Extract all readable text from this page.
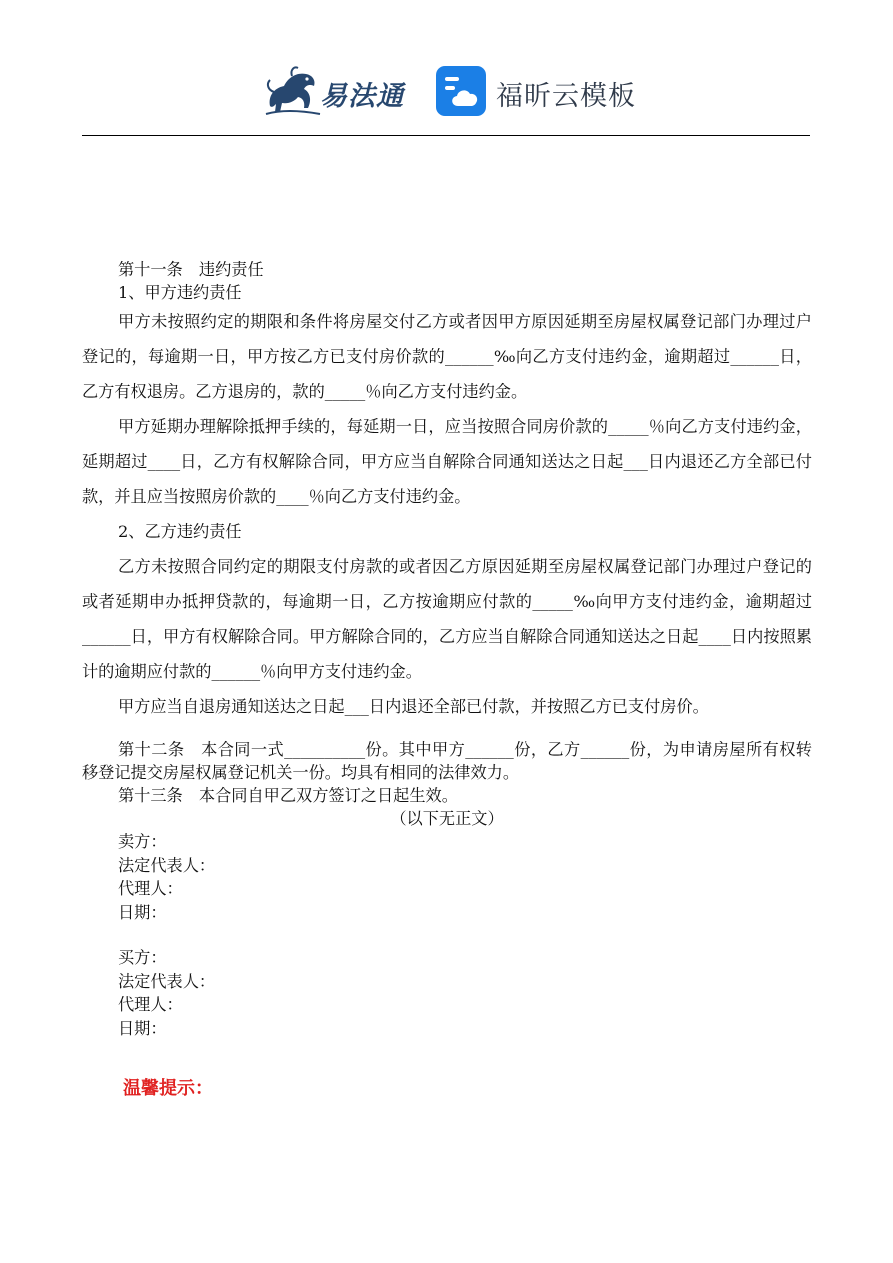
易法通	福昕云模板

第十一条　违约责任

1、甲方违约责任

甲方未按照约定的期限和条件将房屋交付乙方或者因甲方原因延期至房屋权属登记部门办理过户登记的，每逾期一日，甲方按乙方已支付房价款的______‰向乙方支付违约金，逾期超过______日，乙方有权退房。乙方退房的，款的_____％向乙方支付违约金。

甲方延期办理解除抵押手续的，每延期一日，应当按照合同房价款的_____％向乙方支付违约金，延期超过____日，乙方有权解除合同，甲方应当自解除合同通知送达之日起___日内退还乙方全部已付款，并且应当按照房价款的____％向乙方支付违约金。

2、乙方违约责任

乙方未按照合同约定的期限支付房款的或者因乙方原因延期至房屋权属登记部门办理过户登记的或者延期申办抵押贷款的，每逾期一日，乙方按逾期应付款的_____‰向甲方支付违约金，逾期超过______日，甲方有权解除合同。甲方解除合同的，乙方应当自解除合同通知送达之日起____日内按照累计的逾期应付款的______％向甲方支付违约金。

甲方应当自退房通知送达之日起___日内退还全部已付款，并按照乙方已支付房价。

第十二条　本合同一式__________份。其中甲方______份，乙方______份，为申请房屋所有权转移登记提交房屋权属登记机关一份。均具有相同的法律效力。

第十三条　本合同自甲乙双方签订之日起生效。

（以下无正文）

卖方：
法定代表人：
代理人：
日期：
买方：
法定代表人：
代理人：
日期：
温馨提示：
